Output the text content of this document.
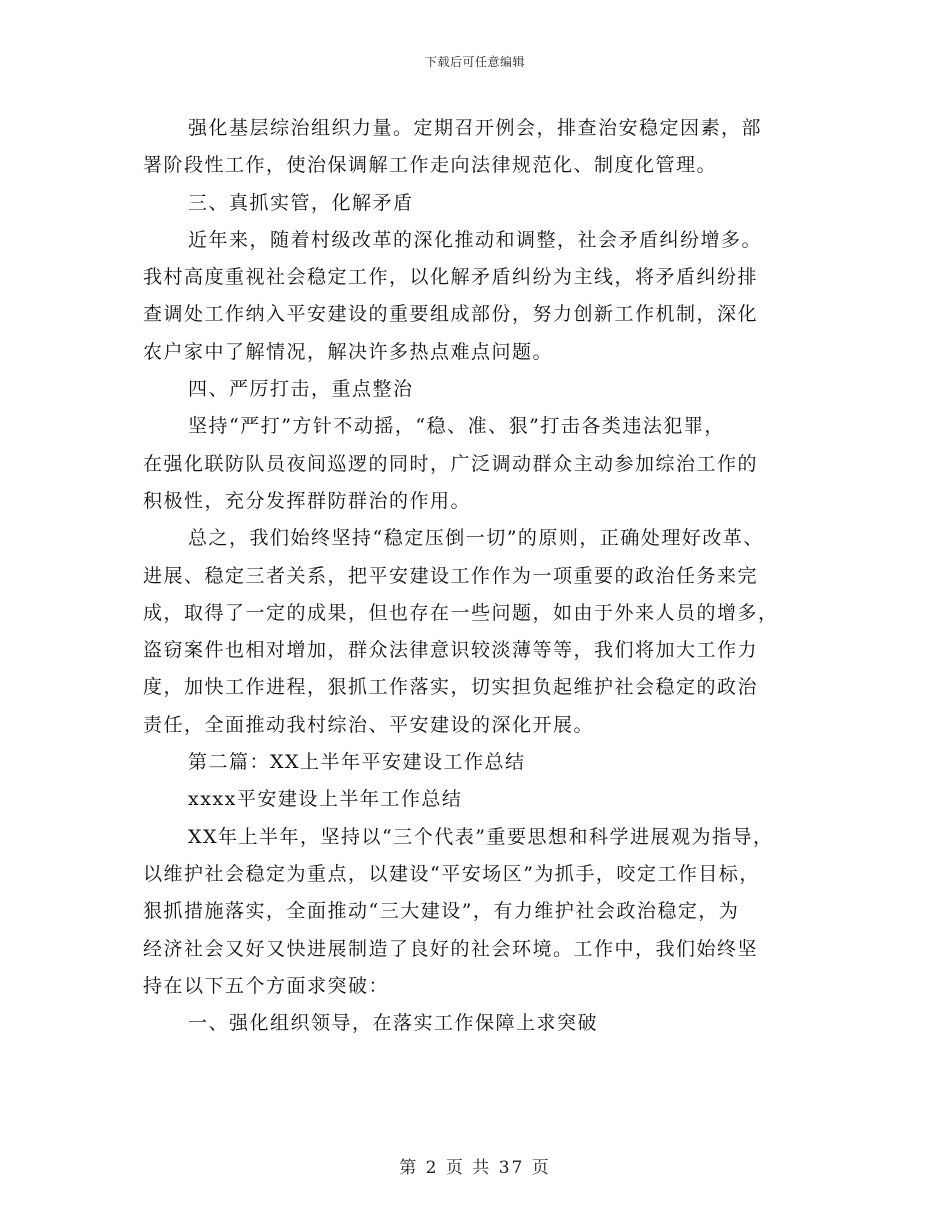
下载后可任意编辑
强化基层综治组织力量。定期召开例会，排查治安稳定因素，部
署阶段性工作，使治保调解工作走向法律规范化、制度化管理。
三、真抓实管，化解矛盾
近年来，随着村级改革的深化推动和调整，社会矛盾纠纷增多。
我村高度重视社会稳定工作，以化解矛盾纠纷为主线，将矛盾纠纷排
查调处工作纳入平安建设的重要组成部份，努力创新工作机制，深化
农户家中了解情况，解决许多热点难点问题。
四、严厉打击，重点整治
坚持“严打”方针不动摇，“稳、准、狠”打击各类违法犯罪，
在强化联防队员夜间巡逻的同时，广泛调动群众主动参加综治工作的
积极性，充分发挥群防群治的作用。
总之，我们始终坚持“稳定压倒一切”的原则，正确处理好改革、
进展、稳定三者关系，把平安建设工作作为一项重要的政治任务来完
成，取得了一定的成果，但也存在一些问题，如由于外来人员的增多，
盗窃案件也相对增加，群众法律意识较淡薄等等，我们将加大工作力
度，加快工作进程，狠抓工作落实，切实担负起维护社会稳定的政治
责任，全面推动我村综治、平安建设的深化开展。
第二篇：XX上半年平安建设工作总结
xxxx平安建设上半年工作总结
XX年上半年，坚持以“三个代表”重要思想和科学进展观为指导，
以维护社会稳定为重点，以建设“平安场区”为抓手，咬定工作目标，
狠抓措施落实，全面推动“三大建设”，有力维护社会政治稳定，为
经济社会又好又快进展制造了良好的社会环境。工作中，我们始终坚
持在以下五个方面求突破：
一、强化组织领导，在落实工作保障上求突破
第 2 页 共 37 页
